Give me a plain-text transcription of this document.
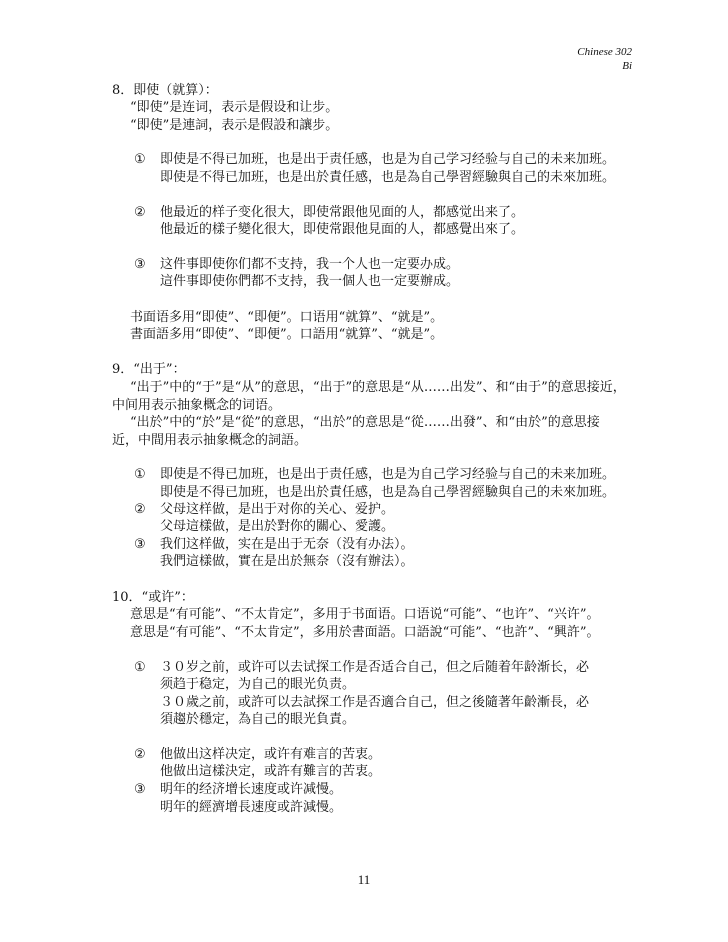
Chinese 302
Bi
8．即使（就算）：
“即使”是连词，表示是假设和让步。
“即使”是連詞，表示是假設和讓步。
① 即使是不得已加班，也是出于责任感，也是为自己学习经验与自己的未来加班。
即使是不得已加班，也是出於責任感，也是為自己學習經驗與自己的未來加班。
② 他最近的样子变化很大，即使常跟他见面的人，都感觉出来了。
他最近的樣子變化很大，即使常跟他見面的人，都感覺出來了。
③ 这件事即使你们都不支持，我一个人也一定要办成。
這件事即使你們都不支持，我一個人也一定要辦成。
书面语多用“即使”、“即便”。口语用“就算”、“就是”。
書面語多用“即使”、“即便”。口語用“就算”、“就是”。
9．“出于”：
“出于”中的“于”是“从”的意思，“出于”的意思是“从……出发”、和“由于”的意思接近，
中间用表示抽象概念的词语。
“出於”中的“於”是“從”的意思，“出於”的意思是“從……出發”、和“由於”的意思接
近，中間用表示抽象概念的詞語。
① 即使是不得已加班，也是出于责任感，也是为自己学习经验与自己的未来加班。
即使是不得已加班，也是出於責任感，也是為自己學習經驗與自己的未來加班。
② 父母这样做，是出于对你的关心、爱护。
父母這樣做，是出於對你的關心、愛護。
③ 我们这样做，实在是出于无奈（没有办法）。
我們這樣做，實在是出於無奈（沒有辦法）。
10．“或许”：
意思是“有可能”、“不太肯定”，多用于书面语。口语说“可能”、“也许”、“兴许”。
意思是“有可能”、“不太肯定”，多用於書面語。口語說“可能”、“也許”、“興許”。
① ３０岁之前，或许可以去试探工作是否适合自己，但之后随着年龄渐长，必
须趋于稳定，为自己的眼光负责。
３０歲之前，或許可以去試探工作是否適合自己，但之後隨著年齡漸長，必
須趨於穩定，為自己的眼光負責。
② 他做出这样决定，或许有难言的苦衷。
他做出這樣決定，或許有難言的苦衷。
③ 明年的经济增长速度或许减慢。
明年的經濟增長速度或許減慢。
11
